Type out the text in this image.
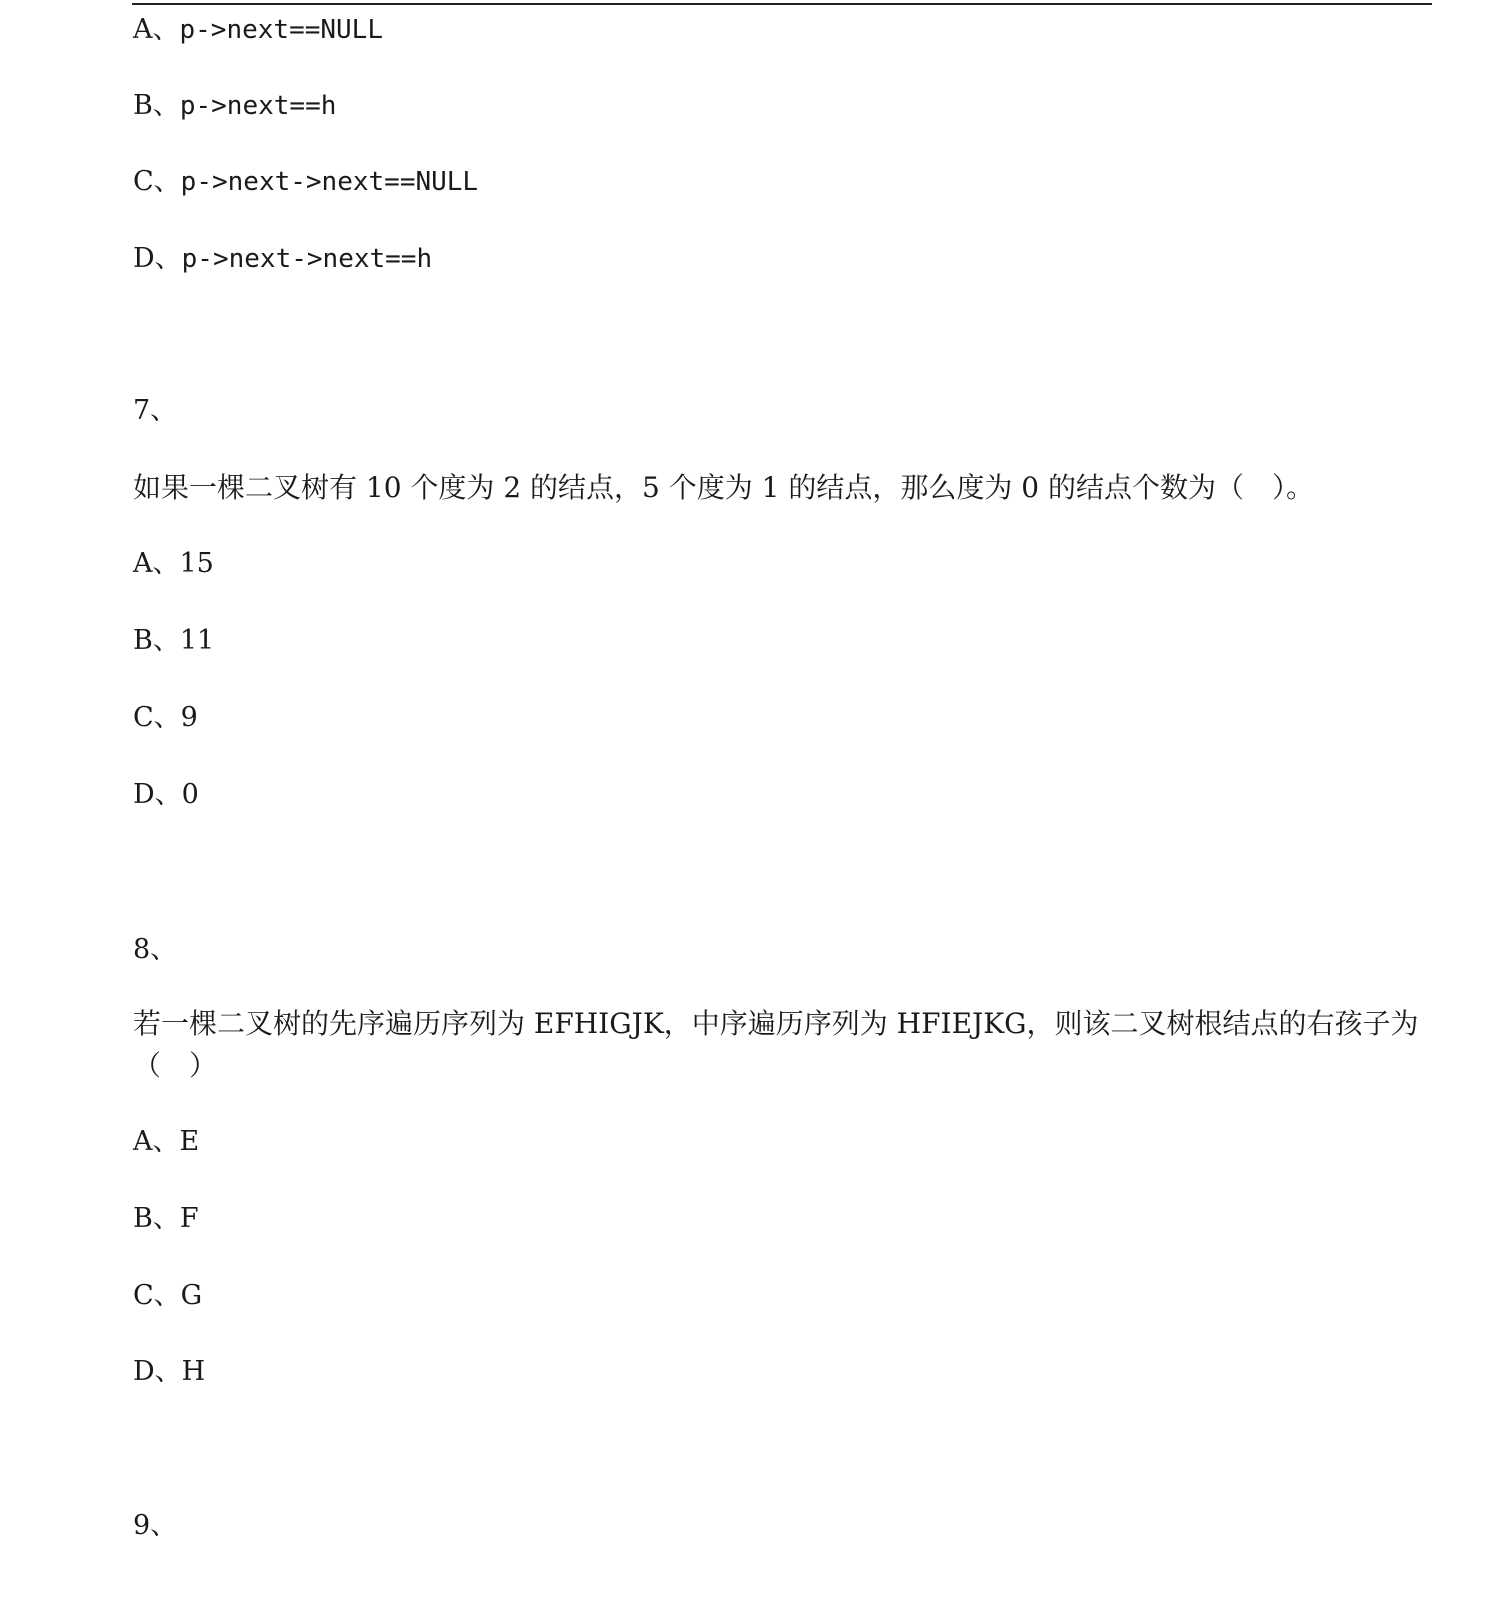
A、p->next==NULL
B、p->next==h
C、p->next->next==NULL
D、p->next->next==h
7、
如果一棵二叉树有 10 个度为 2 的结点，5 个度为 1 的结点，那么度为 0 的结点个数为（　）。
A、15
B、11
C、9
D、0
8、
若一棵二叉树的先序遍历序列为 EFHIGJK，中序遍历序列为 HFIEJKG，则该二叉树根结点的右孩子为（　）
A、E
B、F
C、G
D、H
9、
